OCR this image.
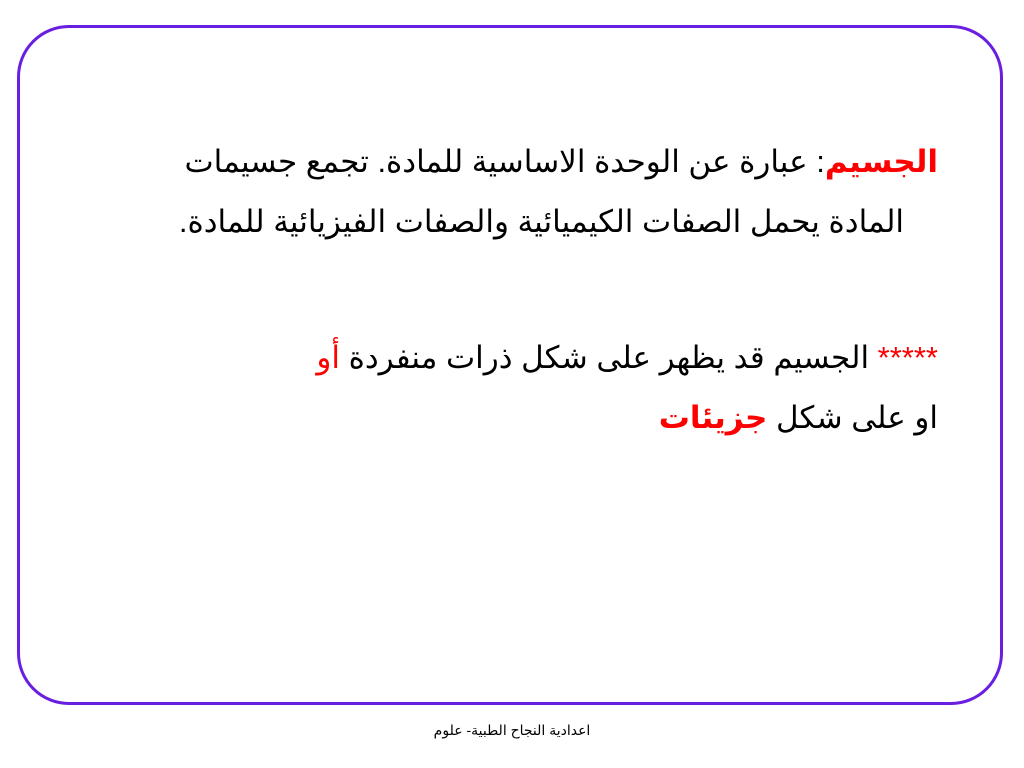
الجسيم: عبارة عن الوحدة الاساسية للمادة. تجمع جسيمات
المادة يحمل الصفات الكيميائية والصفات الفيزيائية للمادة.

***** الجسيم قد يظهر على شكل ذرات منفردة أو
او على شكل جزيئات

اعدادية النجاح الطبية- علوم
